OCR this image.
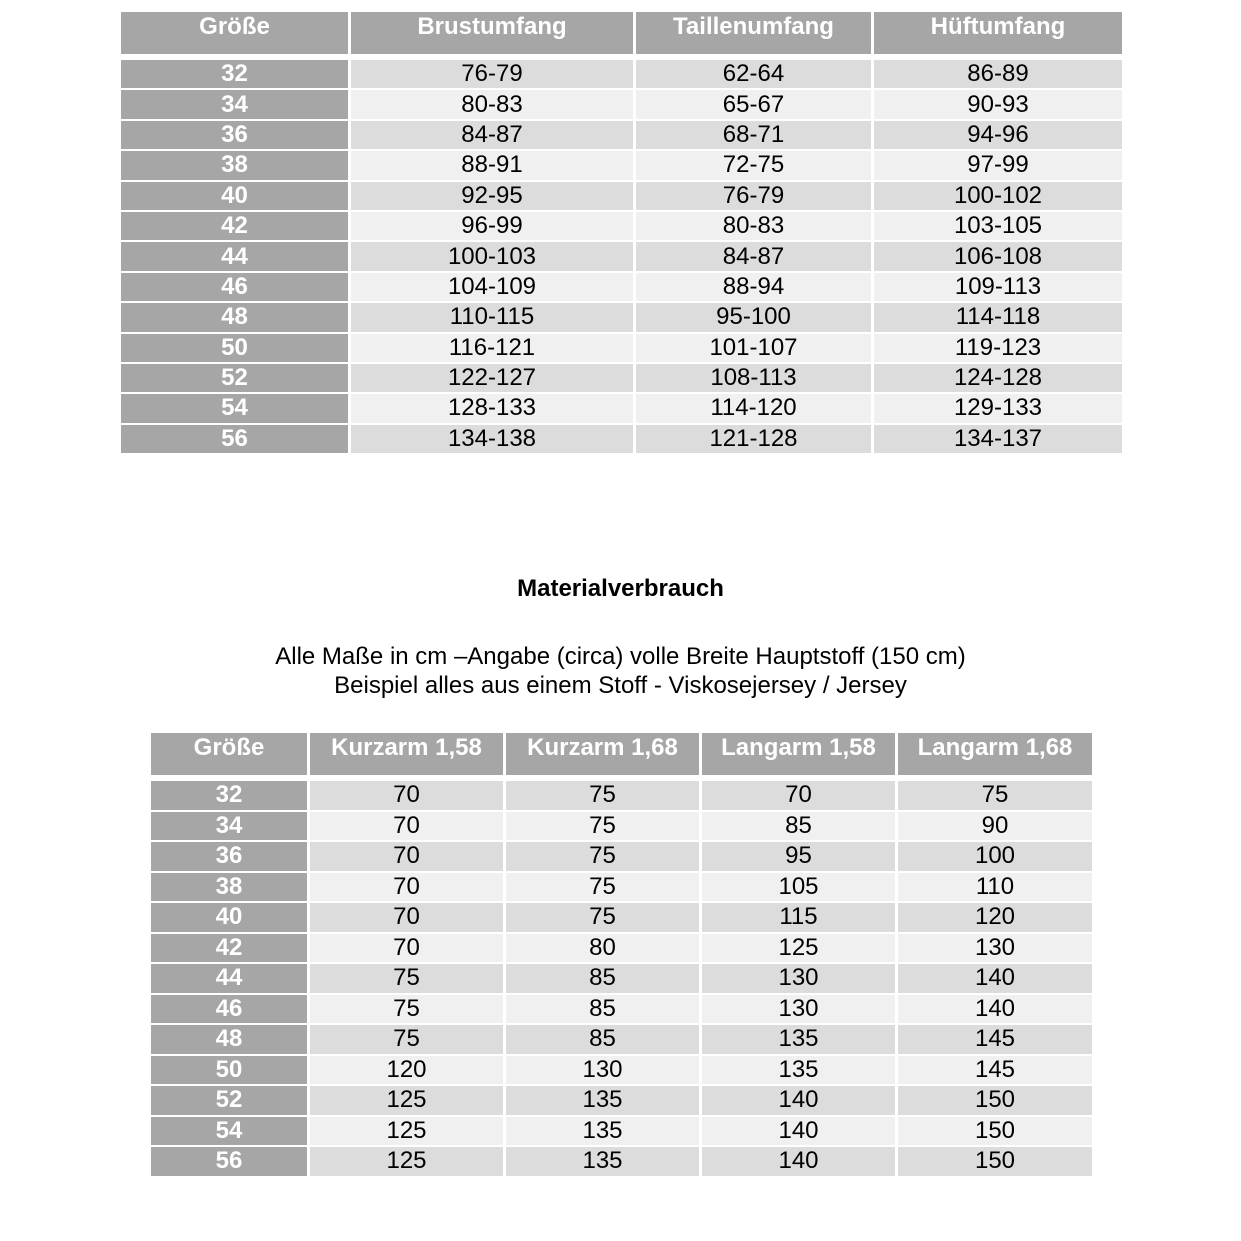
Größe	Brustumfang	Taillenumfang	Hüftumfang

32	76-79	62-64	86-89
34	80-83	65-67	90-93
36	84-87	68-71	94-96
38	88-91	72-75	97-99
40	92-95	76-79	100-102
42	96-99	80-83	103-105
44	100-103	84-87	106-108
46	104-109	88-94	109-113
48	110-115	95-100	114-118
50	116-121	101-107	119-123
52	122-127	108-113	124-128
54	128-133	114-120	129-133
56	134-138	121-128	134-137
Materialverbrauch
Alle Maße in cm –Angabe (circa) volle Breite Hauptstoff (150 cm)
Beispiel alles aus einem Stoff - Viskosejersey / Jersey
Größe	Kurzarm 1,58	Kurzarm 1,68	Langarm 1,58	Langarm 1,68

32	70	75	70	75
34	70	75	85	90
36	70	75	95	100
38	70	75	105	110
40	70	75	115	120
42	70	80	125	130
44	75	85	130	140
46	75	85	130	140
48	75	85	135	145
50	120	130	135	145
52	125	135	140	150
54	125	135	140	150
56	125	135	140	150
